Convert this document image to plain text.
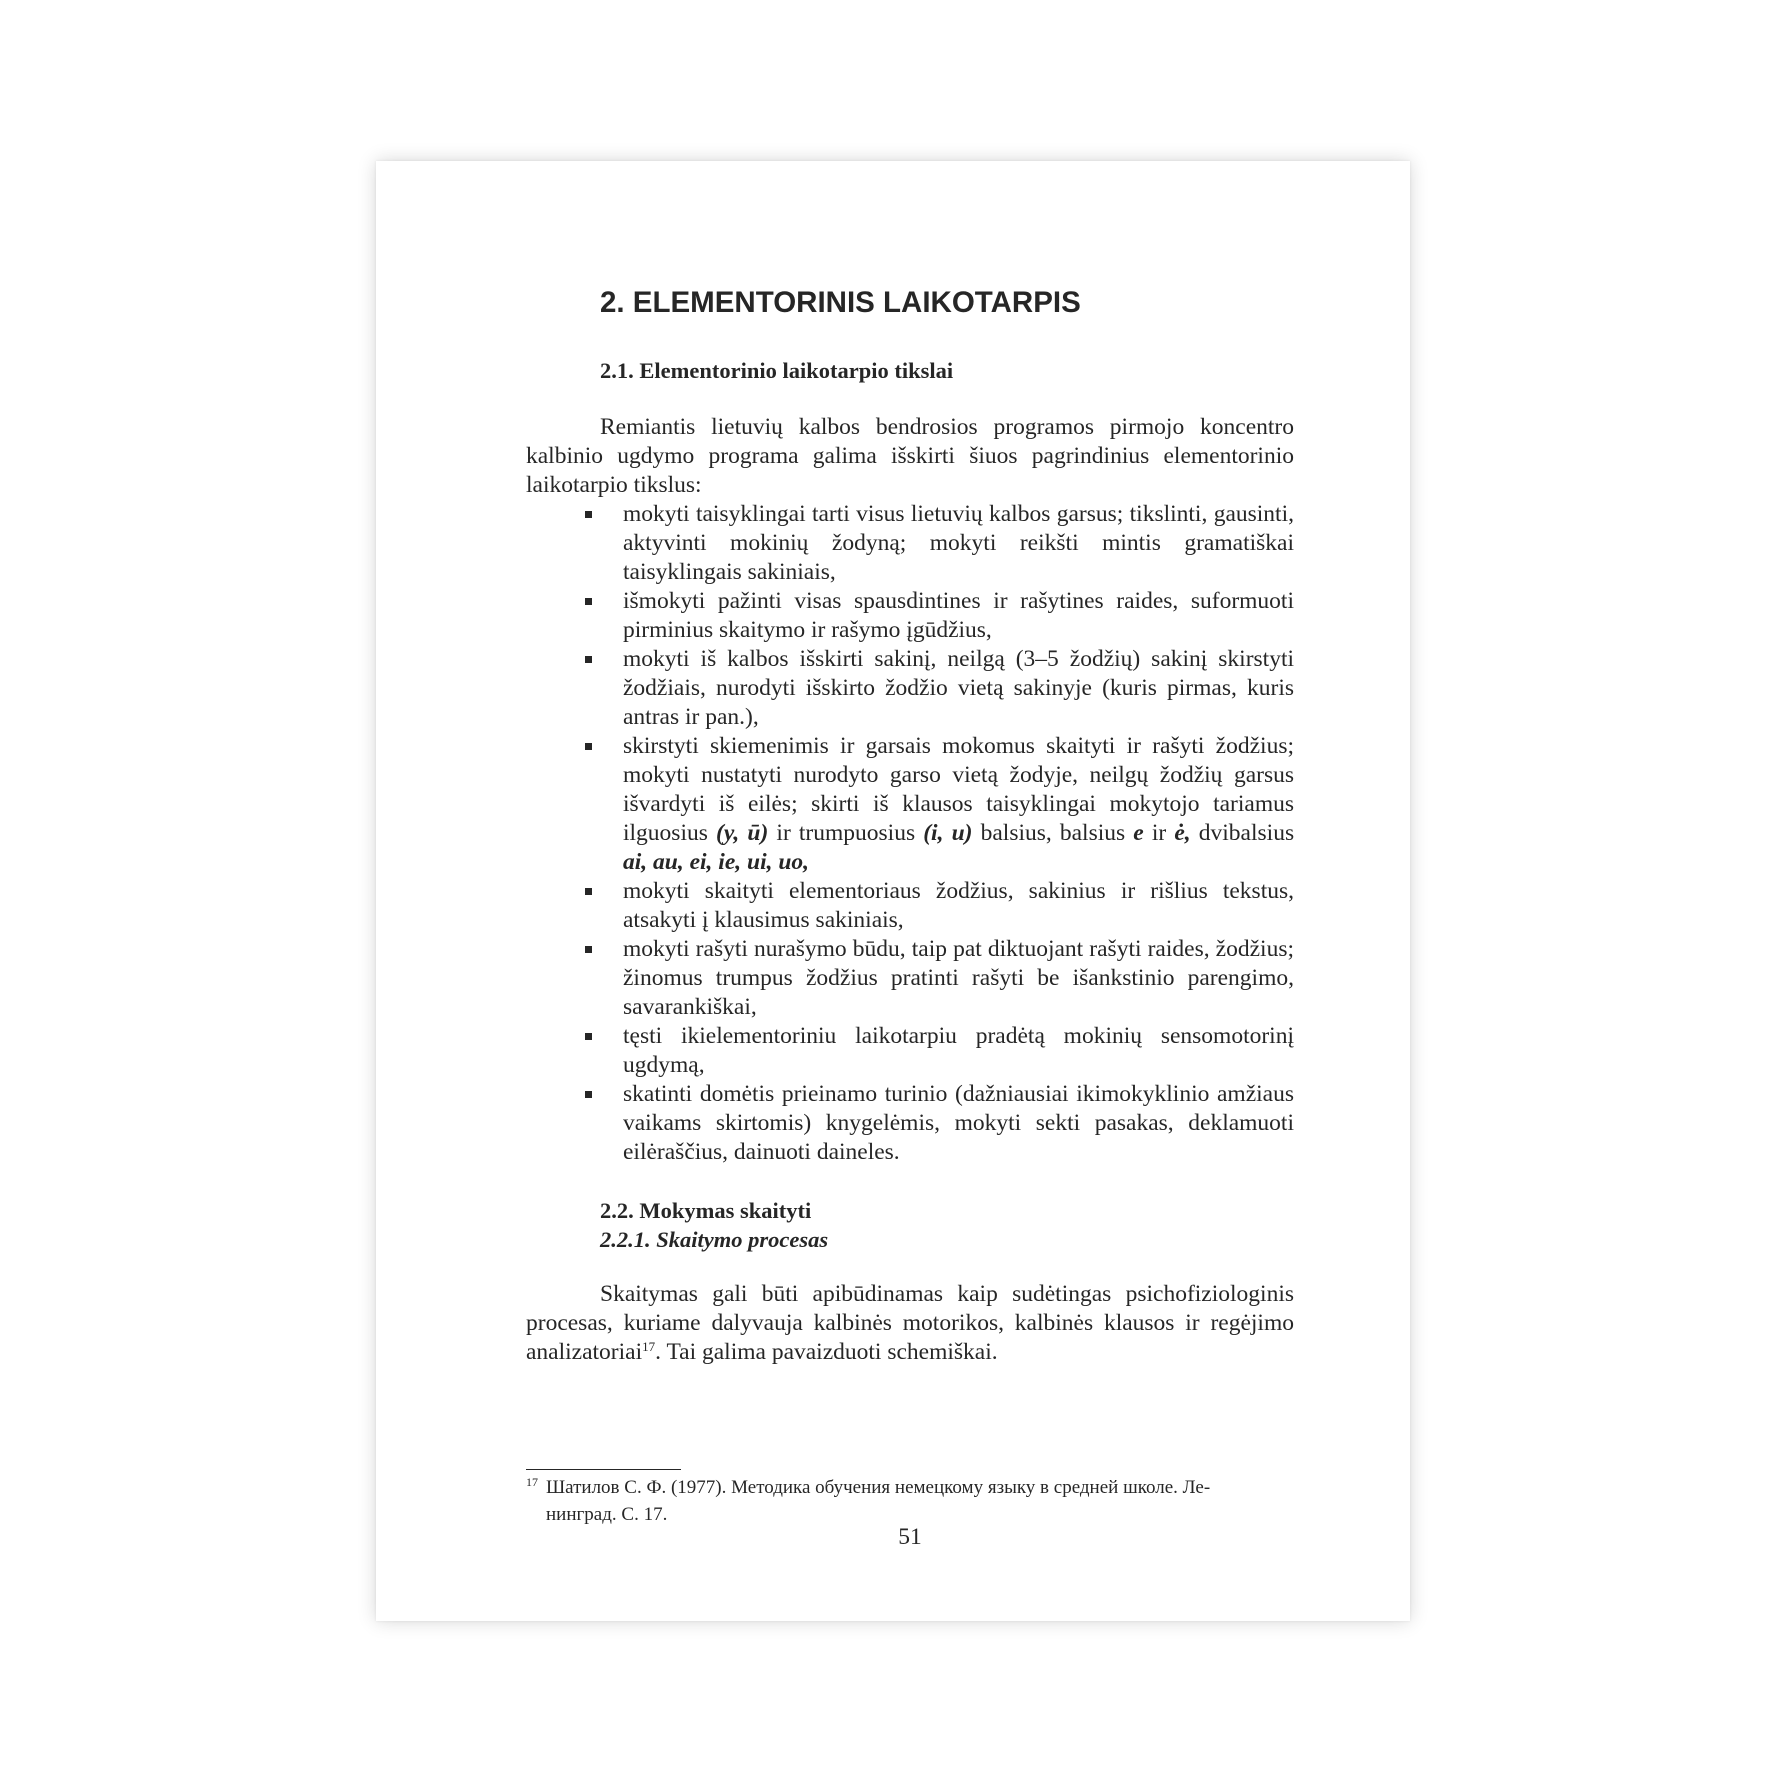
2. ELEMENTORINIS LAIKOTARPIS
2.1. Elementorinio laikotarpio tikslai

Remiantis lietuvių kalbos bendrosios programos pirmojo koncentro kalbinio ugdymo programa galima išskirti šiuos pagrindinius elementorinio laikotarpio tikslus:

mokyti taisyklingai tarti visus lietuvių kalbos garsus; tikslinti, gausinti, aktyvinti mokinių žodyną; mokyti reikšti mintis gramatiškai taisyklingais sakiniais,
išmokyti pažinti visas spausdintines ir rašytines raides, suformuoti pirminius skaitymo ir rašymo įgūdžius,
mokyti iš kalbos išskirti sakinį, neilgą (3–5 žodžių) sakinį skirstyti žodžiais, nurodyti išskirto žodžio vietą sakinyje (kuris pirmas, kuris antras ir pan.),
skirstyti skiemenimis ir garsais mokomus skaityti ir rašyti žodžius; mokyti nustatyti nurodyto garso vietą žodyje, neilgų žodžių garsus išvardyti iš eilės; skirti iš klausos taisyklingai mokytojo tariamus ilguosius (y, ū) ir trumpuosius (i, u) balsius, balsius e ir ė, dvibalsius ai, au, ei, ie, ui, uo,
mokyti skaityti elementoriaus žodžius, sakinius ir rišlius tekstus, atsakyti į klausimus sakiniais,
mokyti rašyti nurašymo būdu, taip pat diktuojant rašyti raides, žodžius; žinomus trumpus žodžius pratinti rašyti be išankstinio parengimo, savarankiškai,
tęsti ikielementoriniu laikotarpiu pradėtą mokinių sensomotorinį ugdymą,
skatinti domėtis prieinamo turinio (dažniausiai ikimokyklinio amžiaus vaikams skirtomis) knygelėmis, mokyti sekti pasakas, deklamuoti eilėraščius, dainuoti daineles.
2.2. Mokymas skaityti
2.2.1. Skaitymo procesas

Skaitymas gali būti apibūdinamas kaip sudėtingas psichofiziologinis procesas, kuriame dalyvauja kalbinės motorikos, kalbinės klausos ir regėjimo analizatoriai$^{17}$. Tai galima pavaizduoti schemiškai.

17 Шатилов С. Ф. (1977). Методика обучения немецкому языку в средней школе. Ле-
нинград. С. 17.

51
